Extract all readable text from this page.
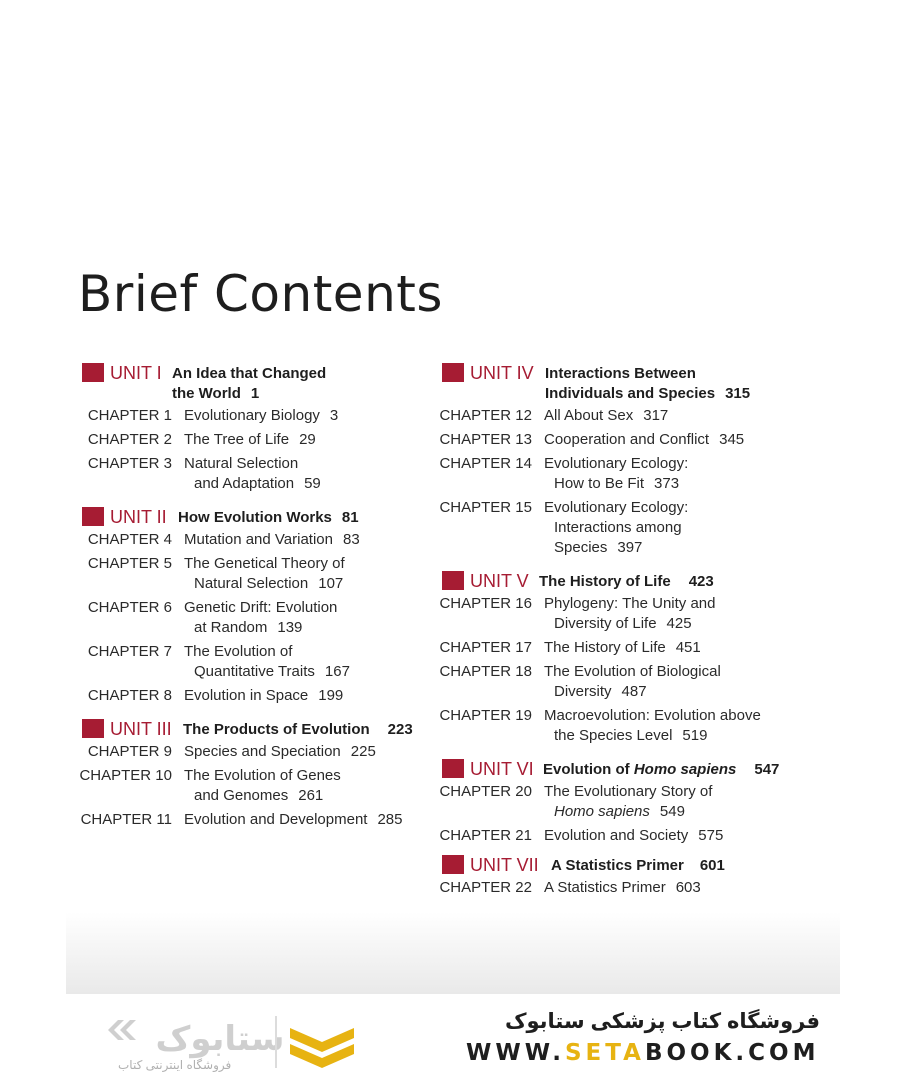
Brief Contents
UNIT I An Idea that Changed
the World 1
CHAPTER 1 Evolutionary Biology 3
CHAPTER 2 The Tree of Life 29
CHAPTER 3 Natural Selection
and Adaptation 59
UNIT II How Evolution Works 81
CHAPTER 4 Mutation and Variation 83
CHAPTER 5 The Genetical Theory of
Natural Selection 107
CHAPTER 6 Genetic Drift: Evolution
at Random 139
CHAPTER 7 The Evolution of
Quantitative Traits 167
CHAPTER 8 Evolution in Space 199
UNIT III The Products of Evolution 223
CHAPTER 9 Species and Speciation 225
CHAPTER 10 The Evolution of Genes
and Genomes 261
CHAPTER 11 Evolution and Development 285
UNIT IV Interactions Between
Individuals and Species 315
CHAPTER 12 All About Sex 317
CHAPTER 13 Cooperation and Conflict 345
CHAPTER 14 Evolutionary Ecology:
How to Be Fit 373
CHAPTER 15 Evolutionary Ecology:
Interactions among
Species 397
UNIT V The History of Life 423
CHAPTER 16 Phylogeny: The Unity and
Diversity of Life 425
CHAPTER 17 The History of Life 451
CHAPTER 18 The Evolution of Biological
Diversity 487
CHAPTER 19 Macroevolution: Evolution above
the Species Level 519
UNIT VI Evolution of Homo sapiens 547
CHAPTER 20 The Evolutionary Story of
Homo sapiens 549
CHAPTER 21 Evolution and Society 575
UNIT VII A Statistics Primer 601
CHAPTER 22 A Statistics Primer 603
ستابوک
فروشگاه اینترنتی کتاب
فروشگاه کتاب پزشکی ستابوک
WWW.SETABOOK.COM
